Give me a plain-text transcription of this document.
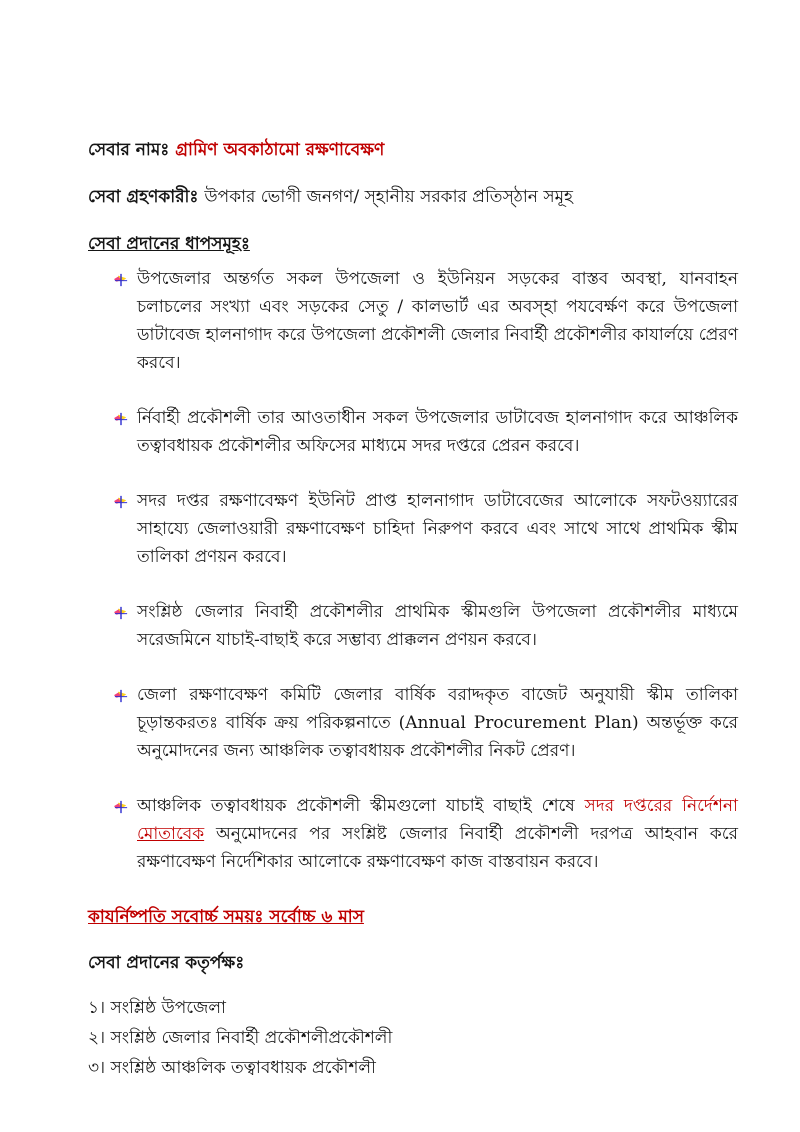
সেবার নামঃ গ্রামিণ অবকাঠামো রক্ষণাবেক্ষণ

সেবা গ্রহণকারীঃ উপকার ভোগী জনগণ/ স্হানীয় সরকার প্রতিস্ঠান সমূহ

সেবা প্রদানের ধাপসমূহঃ

উপজেলার অন্তর্গত সকল উপজেলা ও ইউনিয়ন সড়কের বাস্তব অবস্থা, যানবাহন চলাচলের সংখ্যা এবং সড়কের সেতু / কালভার্ট এর অবস্হা পযবের্ক্ষণ করে উপজেলা ডাটাবেজ হালনাগাদ করে উপজেলা প্রকৌশলী জেলার নিবার্হী প্রকৌশলীর কাযার্লয়ে প্রেরণ করবে।
র্নিবার্হী প্রকৌশলী তার আওতাধীন সকল উপজেলার ডাটাবেজ হালনাগাদ করে আঞ্চলিক তত্বাবধায়ক প্রকৌশলীর অফিসের মাধ্যমে সদর দপ্তরে প্রেরন করবে।
সদর দপ্তর রক্ষণাবেক্ষণ ইউনিট প্রাপ্ত হালনাগাদ ডাটাবেজের আলোকে সফটওয়্যারের সাহায্যে জেলাওয়ারী রক্ষণাবেক্ষণ চাহিদা নিরুপণ করবে এবং সাথে সাথে প্রাথমিক স্কীম তালিকা প্রণয়ন করবে।
সংশ্লিষ্ঠ জেলার নিবার্হী প্রকৌশলীর প্রাথমিক স্কীমগুলি উপজেলা প্রকৌশলীর মাধ্যমে সরেজমিনে যাচাই-বাছাই করে সম্ভাব্য প্রাক্কলন প্রণয়ন করবে।
জেলা রক্ষণাবেক্ষণ কমিটি জেলার বার্ষিক বরাদ্দকৃত বাজেট অনুযায়ী স্কীম তালিকা চূড়ান্তকরতঃ বার্ষিক ক্রয় পরিকল্পনাতে (Annual Procurement Plan) অন্তর্ভূক্ত করে অনুমোদনের জন্য আঞ্চলিক তত্বাবধায়ক প্রকৌশলীর নিকট প্রেরণ।
আঞ্চলিক তত্বাবধায়ক প্রকৌশলী স্কীমগুলো যাচাই বাছাই শেষে সদর দপ্তরের নির্দেশনা মোতাবেক অনুমোদনের পর সংশ্লিষ্ট জেলার নিবার্হী প্রকৌশলী দরপত্র আহবান করে রক্ষণাবেক্ষণ নির্দেশিকার আলোকে রক্ষণাবেক্ষণ কাজ বাস্তবায়ন করবে।

কাযর্নিষ্পতি সবোর্চ্চ সময়ঃ সর্বোচ্চ ৬ মাস

সেবা প্রদানের কতৃর্পক্ষঃ

১। সংশ্লিষ্ঠ উপজেলা

২। সংশ্লিষ্ঠ জেলার নিবার্হী প্রকৌশলীপ্রকৌশলী

৩। সংশ্লিষ্ঠ আঞ্চলিক তত্বাবধায়ক প্রকৌশলী
